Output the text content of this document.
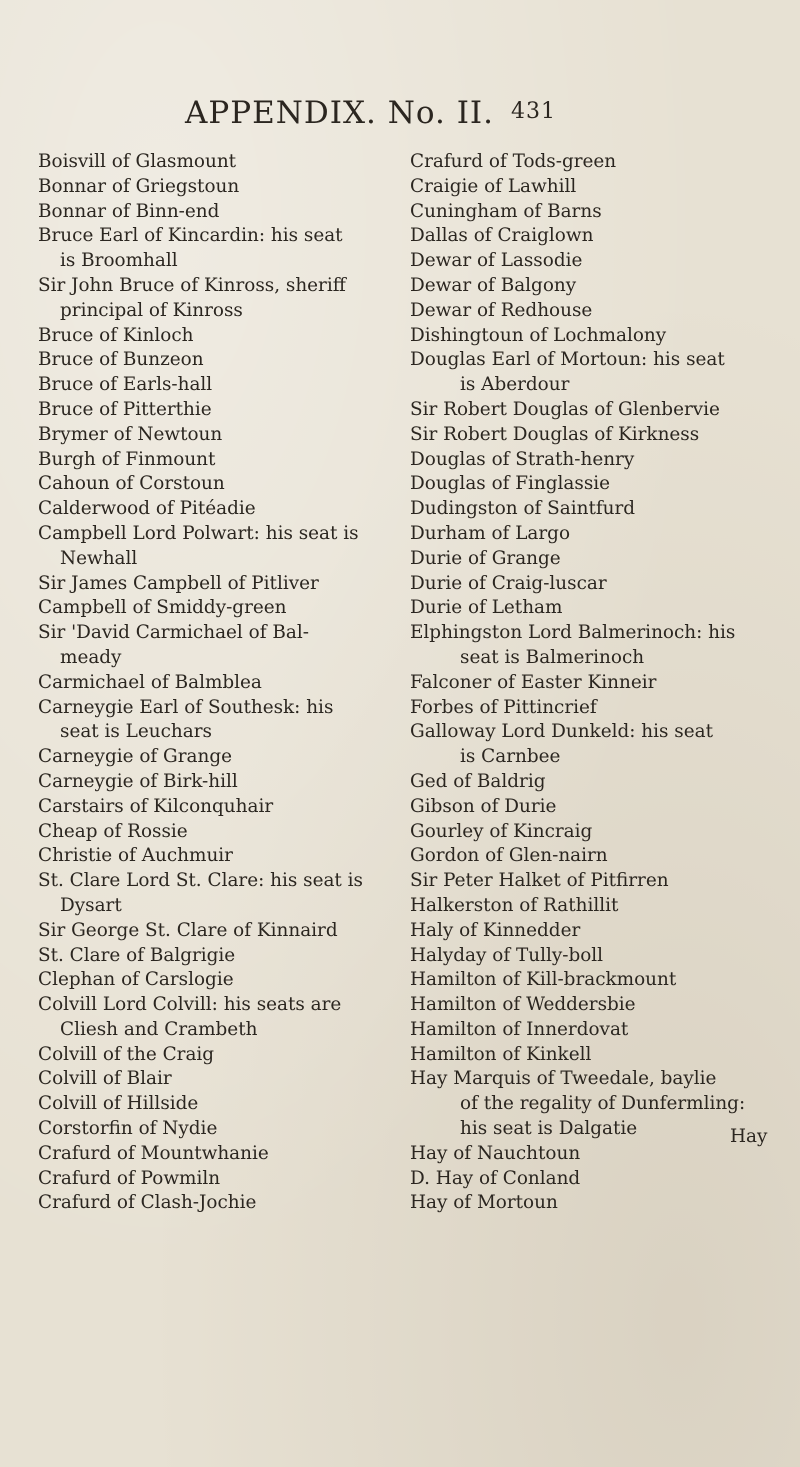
APPENDIX. No. II. 431
Boisvill of Glasmount
Bonnar of Griegstoun
Bonnar of Binn-end
Bruce Earl of Kincardin: his seat
is Broomhall
Sir John Bruce of Kinross, sheriff
principal of Kinross
Bruce of Kinloch
Bruce of Bunzeon
Bruce of Earls-hall
Bruce of Pitterthie
Brymer of Newtoun
Burgh of Finmount
Cahoun of Corstoun
Calderwood of Pitéadie
Campbell Lord Polwart: his seat is
Newhall
Sir James Campbell of Pitliver
Campbell of Smiddy-green
Sir 'David Carmichael of Bal-
meady
Carmichael of Balmblea
Carneygie Earl of Southesk: his
seat is Leuchars
Carneygie of Grange
Carneygie of Birk-hill
Carstairs of Kilconquhair
Cheap of Rossie
Christie of Auchmuir
St. Clare Lord St. Clare: his seat is
Dysart
Sir George St. Clare of Kinnaird
St. Clare of Balgrigie
Clephan of Carslogie
Colvill Lord Colvill: his seats are
Cliesh and Crambeth
Colvill of the Craig
Colvill of Blair
Colvill of Hillside
Corstorfin of Nydie
Crafurd of Mountwhanie
Crafurd of Powmiln
Crafurd of Clash-Jochie
Crafurd of Tods-green
Craigie of Lawhill
Cuningham of Barns
Dallas of Craiglown
Dewar of Lassodie
Dewar of Balgony
Dewar of Redhouse
Dishingtoun of Lochmalony
Douglas Earl of Mortoun: his seat
is Aberdour
Sir Robert Douglas of Glenbervie
Sir Robert Douglas of Kirkness
Douglas of Strath-henry
Douglas of Finglassie
Dudingston of Saintfurd
Durham of Largo
Durie of Grange
Durie of Craig-luscar
Durie of Letham
Elphingston Lord Balmerinoch: his
seat is Balmerinoch
Falconer of Easter Kinneir
Forbes of Pittincrief
Galloway Lord Dunkeld: his seat
is Carnbee
Ged of Baldrig
Gibson of Durie
Gourley of Kincraig
Gordon of Glen-nairn
Sir Peter Halket of Pitfirren
Halkerston of Rathillit
Haly of Kinnedder
Halyday of Tully-boll
Hamilton of Kill-brackmount
Hamilton of Weddersbie
Hamilton of Innerdovat
Hamilton of Kinkell
Hay Marquis of Tweedale, baylie
of the regality of Dunfermling:
his seat is Dalgatie
Hay of Nauchtoun
D. Hay of Conland
Hay of Mortoun
Hay
